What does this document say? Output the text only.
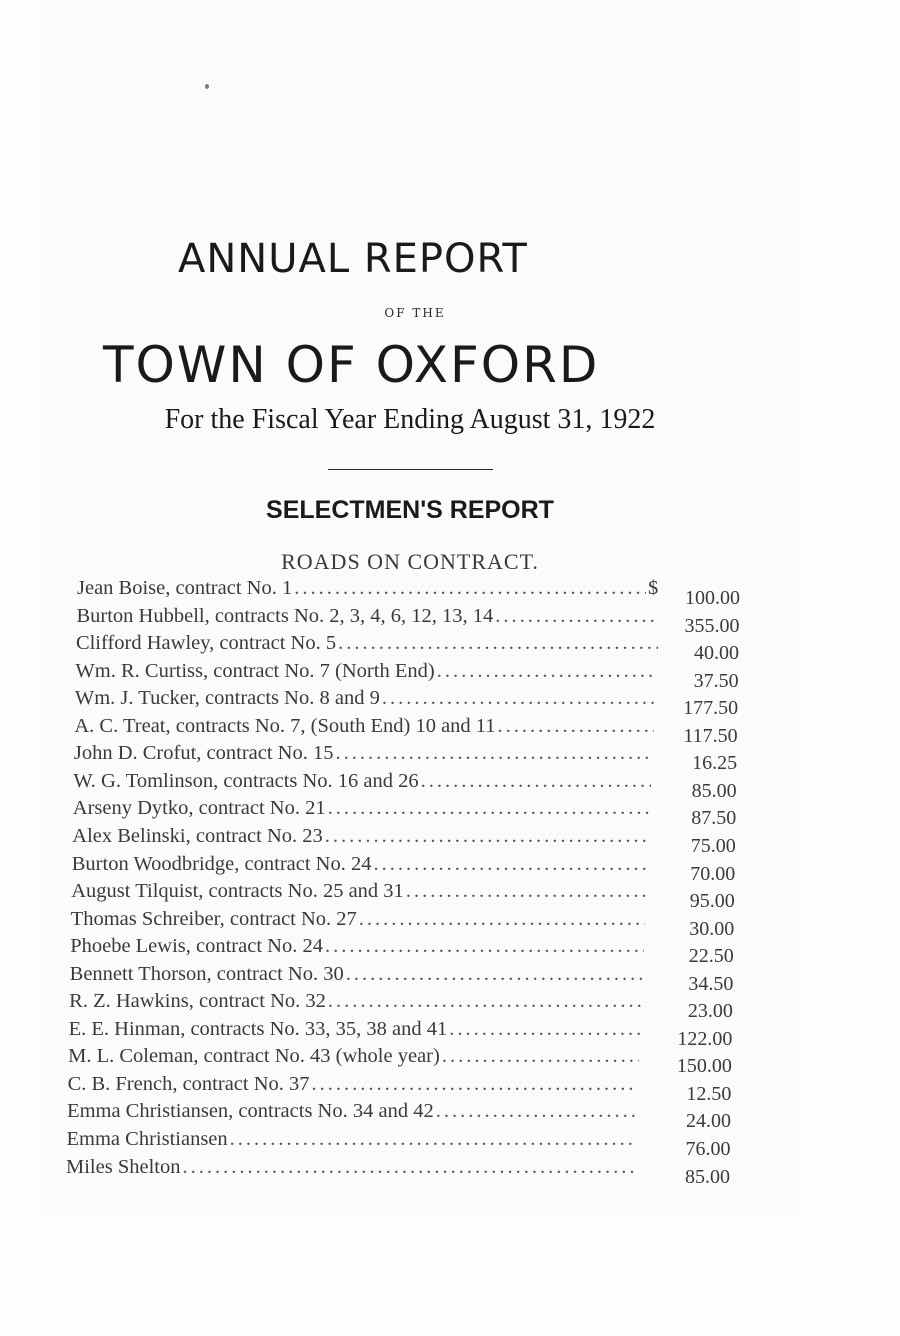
ANNUAL REPORT
OF THE
TOWN OF OXFORD
For the Fiscal Year Ending August 31, 1922
SELECTMEN'S REPORT
ROADS ON CONTRACT.
Jean Boise, contract No. 1 .....	$	100.00
Burton Hubbell, contracts No. 2, 3, 4, 6, 12, 13, 14 .....	355.00
Clifford Hawley, contract No. 5 .....	40.00
Wm. R. Curtiss, contract No. 7 (North End) .....	37.50
Wm. J. Tucker, contracts No. 8 and 9 .....	177.50
A. C. Treat, contracts No. 7, (South End) 10 and 11 .....	117.50
John D. Crofut, contract No. 15 .....	16.25
W. G. Tomlinson, contracts No. 16 and 26 .....	85.00
Arseny Dytko, contract No. 21 .....	87.50
Alex Belinski, contract No. 23 .....	75.00
Burton Woodbridge, contract No. 24 .....	70.00
August Tilquist, contracts No. 25 and 31 .....	95.00
Thomas Schreiber, contract No. 27 .....	30.00
Phoebe Lewis, contract No. 24 .....	22.50
Bennett Thorson, contract No. 30 .....	34.50
R. Z. Hawkins, contract No. 32 .....	23.00
E. E. Hinman, contracts No. 33, 35, 38 and 41 .....	122.00
M. L. Coleman, contract No. 43 (whole year) .....	150.00
C. B. French, contract No. 37 .....	12.50
Emma Christiansen, contracts No. 34 and 42 .....	24.00
Emma Christiansen .....	76.00
Miles Shelton .....	85.00
